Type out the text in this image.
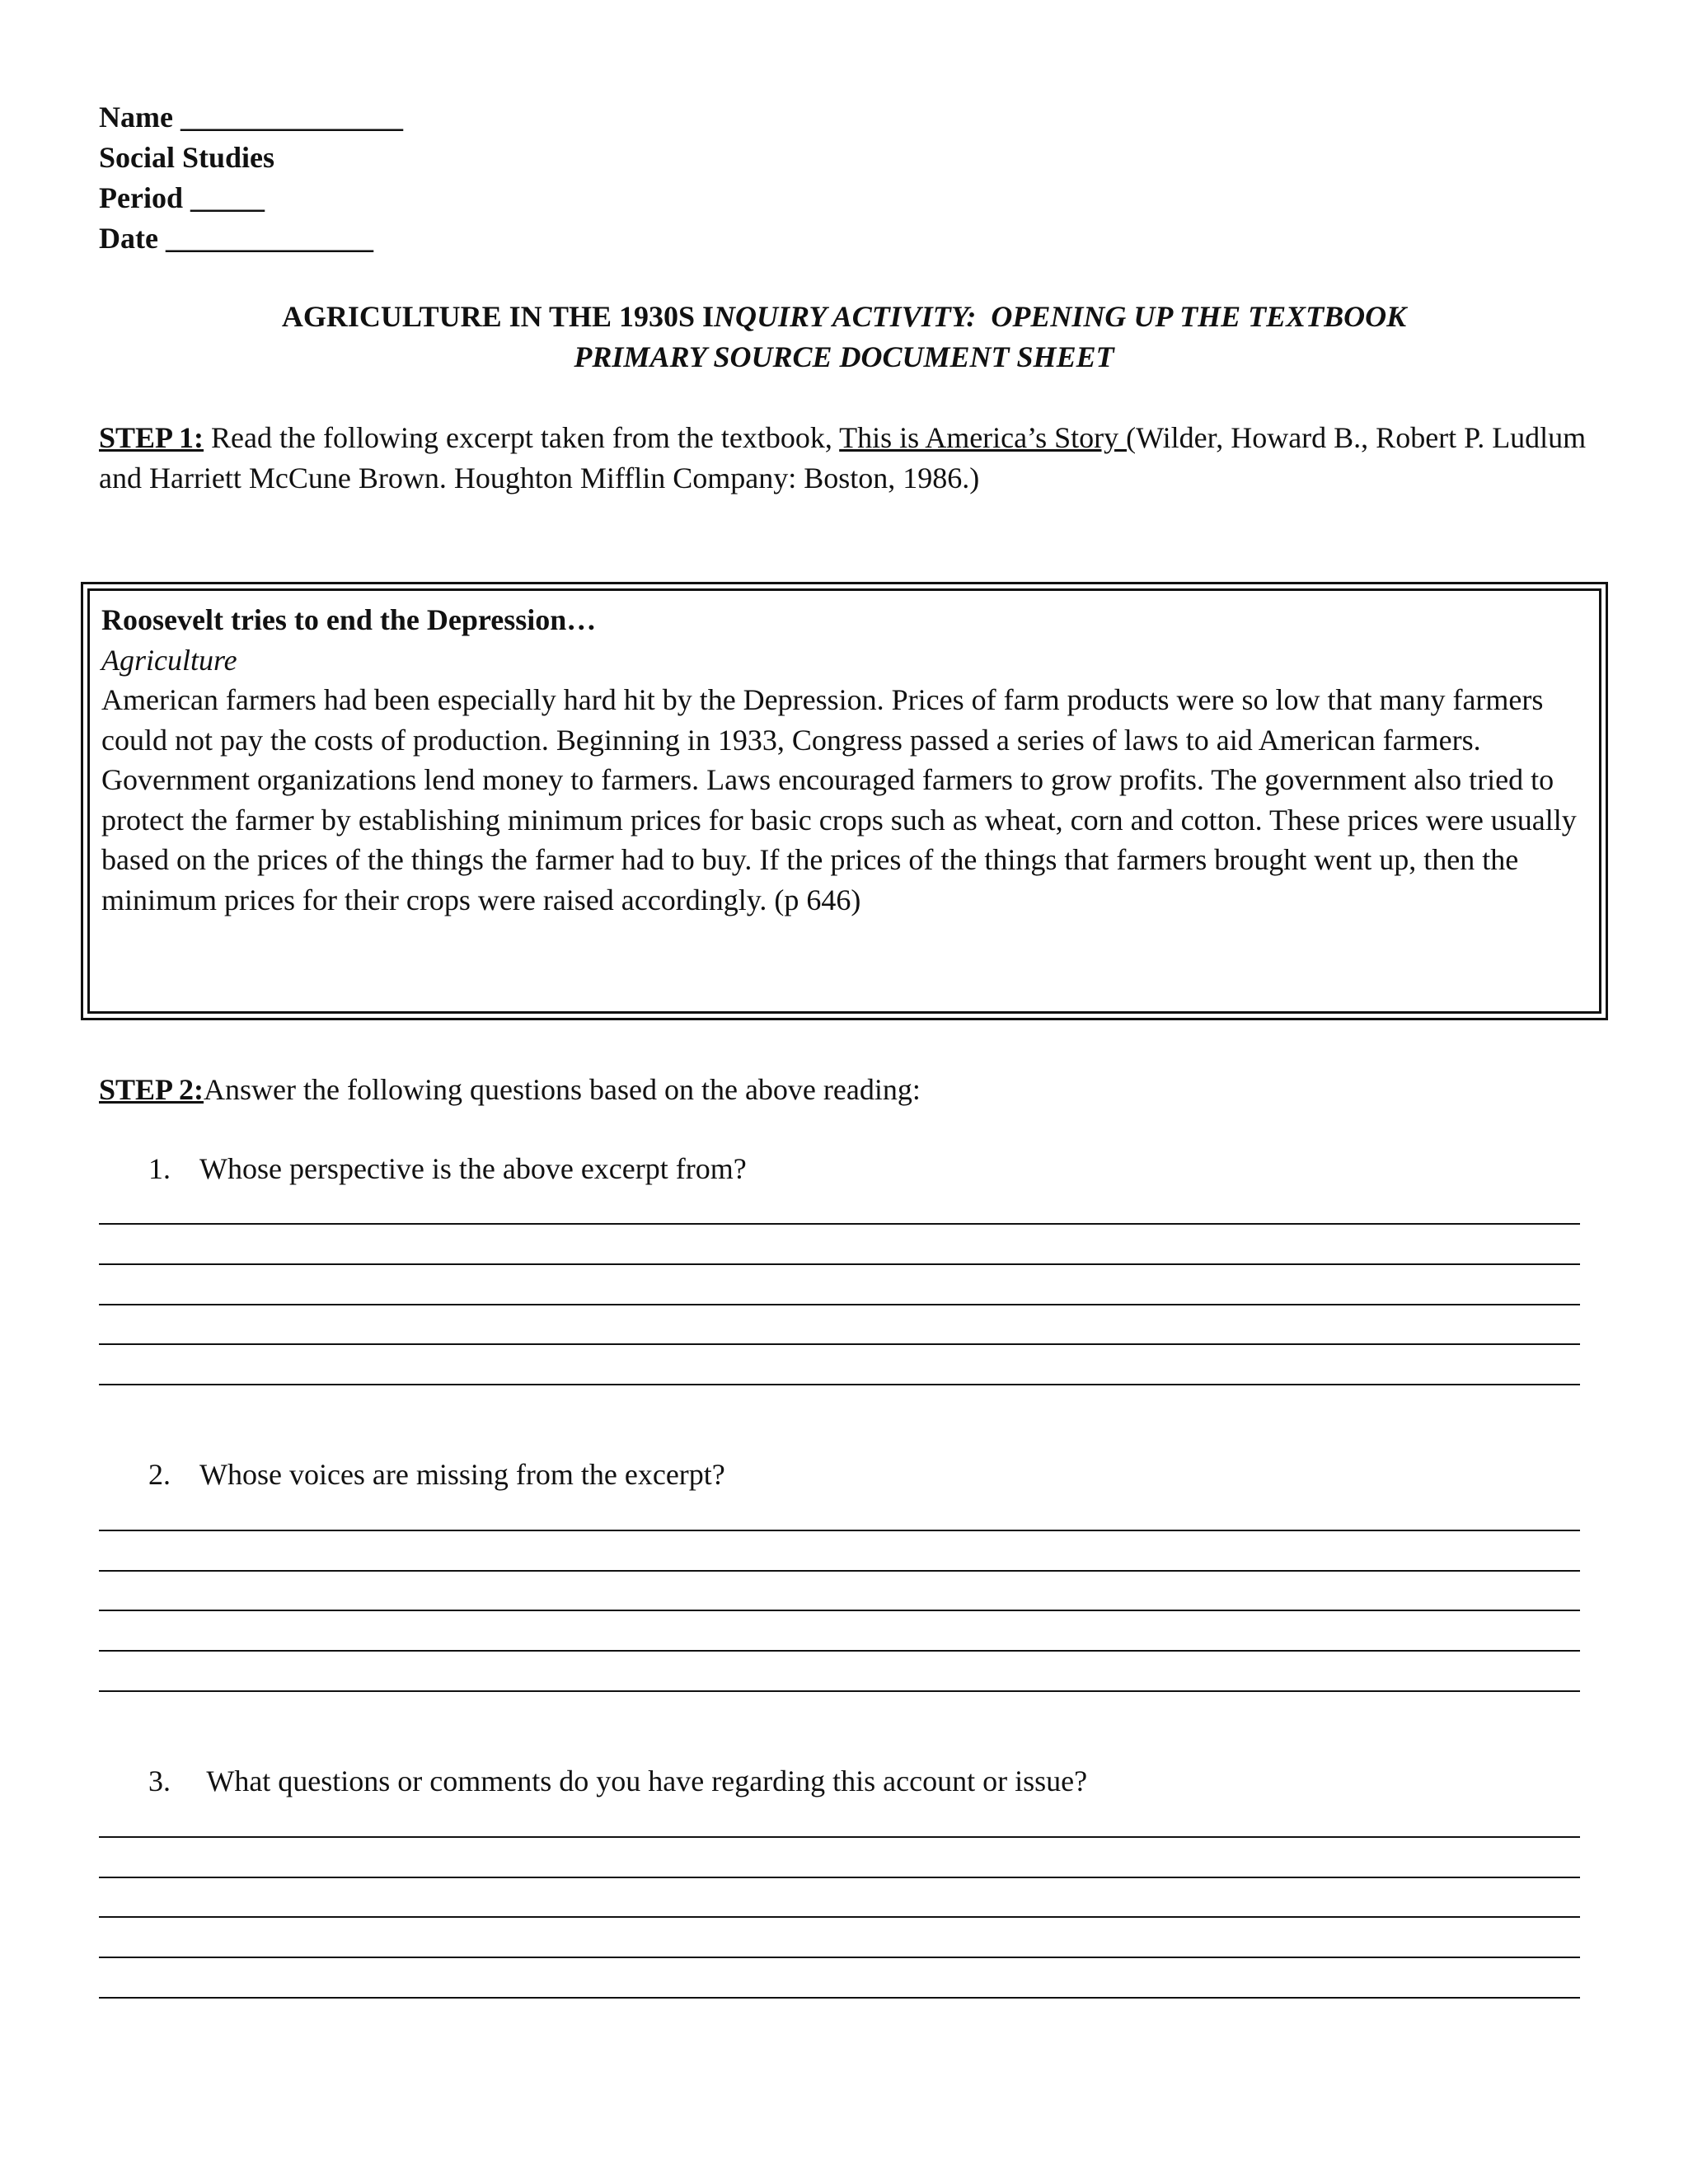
Name _______________
Social Studies
Period _____
Date ______________
AGRICULTURE IN THE 1930S INQUIRY ACTIVITY:  OPENING UP THE TEXTBOOK
PRIMARY SOURCE DOCUMENT SHEET
STEP 1: Read the following excerpt taken from the textbook, This is America’s Story (Wilder, Howard B., Robert P. Ludlum and Harriett McCune Brown. Houghton Mifflin Company: Boston, 1986.)
Roosevelt tries to end the Depression…
Agriculture
American farmers had been especially hard hit by the Depression. Prices of farm products were so low that many farmers could not pay the costs of production. Beginning in 1933, Congress passed a series of laws to aid American farmers. Government organizations lend money to farmers. Laws encouraged farmers to grow profits. The government also tried to protect the farmer by establishing minimum prices for basic crops such as wheat, corn and cotton. These prices were usually based on the prices of the things the farmer had to buy. If the prices of the things that farmers brought went up, then the minimum prices for their crops were raised accordingly. (p 646)
STEP 2:Answer the following questions based on the above reading:
1. Whose perspective is the above excerpt from?
2. Whose voices are missing from the excerpt?
3. What questions or comments do you have regarding this account or issue?
